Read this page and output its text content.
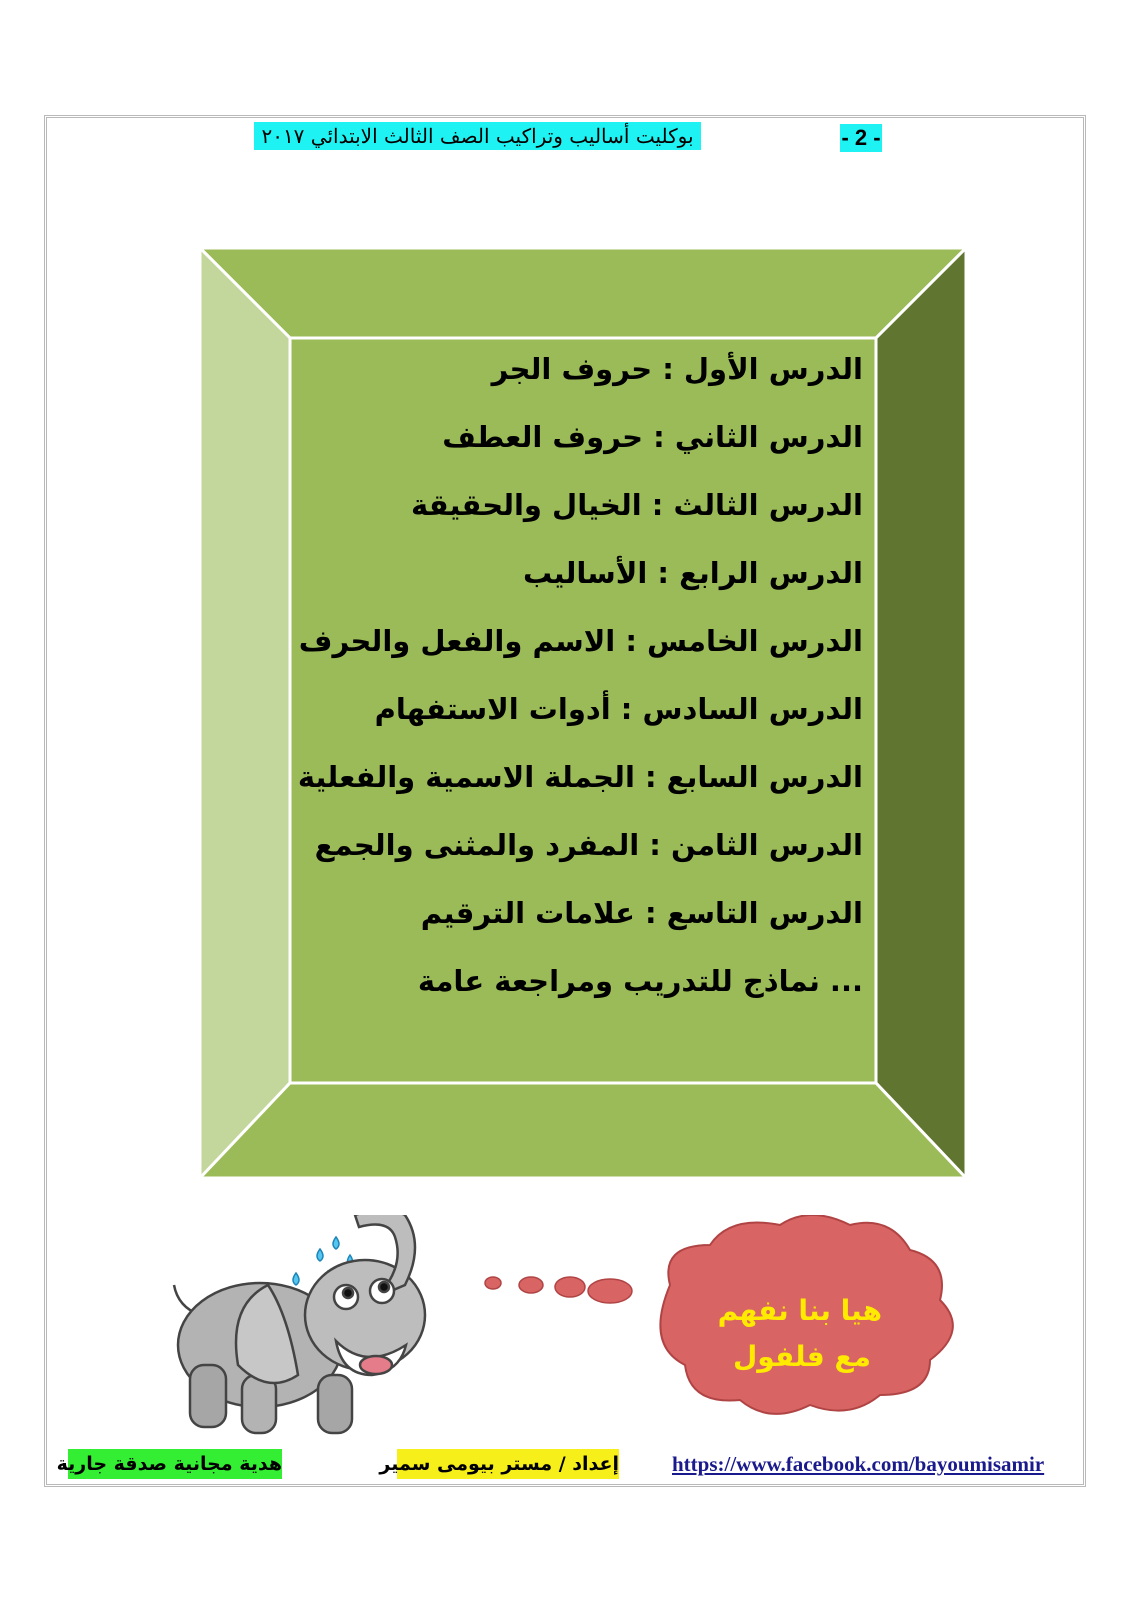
بوكليت أساليب وتراكيب الصف الثالث الابتدائي ٢٠١٧	- 2 -
الدرس الأول : حروف الجر
الدرس الثاني : حروف العطف
الدرس الثالث : الخيال والحقيقة
الدرس الرابع : الأساليب
الدرس الخامس : الاسم والفعل والحرف
الدرس السادس : أدوات الاستفهام
الدرس السابع : الجملة الاسمية والفعلية
الدرس الثامن : المفرد والمثنى والجمع
الدرس التاسع : علامات الترقيم
... نماذج للتدريب ومراجعة عامة
هيا بنا نفهم
مع فلفول
هدية مجانية صدقة جارية	إعداد / مستر بيومى سمير	https://www.facebook.com/bayoumisamir
